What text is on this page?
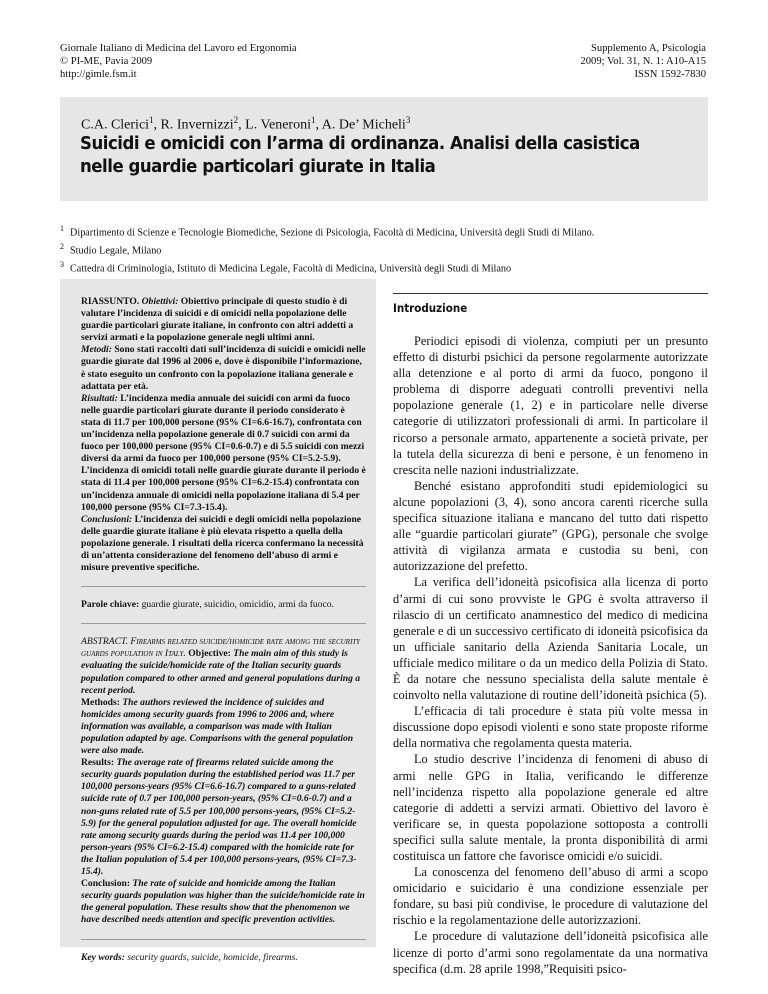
Giornale Italiano di Medicina del Lavoro ed Ergonomia
© PI-ME, Pavia 2009
http://gimle.fsm.it
Supplemento A, Psicologia
2009; Vol. 31, N. 1: A10-A15
ISSN 1592-7830
C.A. Clerici$^1$, R. Invernizzi$^2$, L. Veneroni$^1$, A. De’ Micheli$^3$
Suicidi e omicidi con l’arma di ordinanza. Analisi della casistica
nelle guardie particolari giurate in Italia
$^1$ Dipartimento di Scienze e Tecnologie Biomediche, Sezione di Psicologia, Facoltà di Medicina, Università degli Studi di Milano.
$^2$ Studio Legale, Milano
$^3$ Cattedra di Criminologia, Istituto di Medicina Legale, Facoltà di Medicina, Università degli Studi di Milano

RIASSUNTO. Obiettivi: Obiettivo principale di questo studio è di valutare l’incidenza di suicidi e di omicidi nella popolazione delle guardie particolari giurate italiane, in confronto con altri addetti a servizi armati e la popolazione generale negli ultimi anni.
Metodi: Sono stati raccolti dati sull’incidenza di suicidi e omicidi nelle guardie giurate dal 1996 al 2006 e, dove è disponibile l’informazione, è stato eseguito un confronto con la popolazione italiana generale e adattata per età.
Risultati: L’incidenza media annuale dei suicidi con armi da fuoco nelle guardie particolari giurate durante il periodo considerato è stata di 11.7 per 100,000 persone (95% CI=6.6-16.7), confrontata con un’incidenza nella popolazione generale di 0.7 suicidi con armi da fuoco per 100,000 persone (95% CI=0.6-0.7) e di 5.5 suicidi con mezzi diversi da armi da fuoco per 100,000 persone (95% CI=5.2-5.9). L’incidenza di omicidi totali nelle guardie giurate durante il periodo è stata di 11.4 per 100,000 persone (95% CI=6.2-15.4) confrontata con un’incidenza annuale di omicidi nella popolazione italiana di 5.4 per 100,000 persone (95% CI=7.3-15.4).
Conclusioni: L’incidenza dei suicidi e degli omicidi nella popolazione delle guardie giurate italiane è più elevata rispetto a quella della popolazione generale. I risultati della ricerca confermano la necessità di un’attenta considerazione del fenomeno dell’abuso di armi e misure preventive specifiche.

Parole chiave: guardie giurate, suicidio, omicidio, armi da fuoco.

ABSTRACT. Firearms related suicide/homicide rate among the security guards population in Italy. Objective: The main aim of this study is evaluating the suicide/homicide rate of the Italian security guards population compared to other armed and general populations during a recent period.
Methods: The authors reviewed the incidence of suicides and homicides among security guards from 1996 to 2006 and, where information was available, a comparison was made with Italian population adapted by age. Comparisons with the general population were also made.
Results: The average rate of firearms related suicide among the security guards population during the established period was 11.7 per 100,000 persons-years (95% CI=6.6-16.7) compared to a guns-related suicide rate of 0.7 per 100,000 person-years, (95% CI=0.6-0.7) and a non-guns related rate of 5.5 per 100,000 persons-years, (95% CI=5.2-5.9) for the general population adjusted for age. The overall homicide rate among security guards during the period was 11.4 per 100,000 person-years (95% CI=6.2-15.4) compared with the homicide rate for the Italian population of 5.4 per 100,000 persons-years, (95% CI=7.3-15.4).
Conclusion: The rate of suicide and homicide among the Italian security guards population was higher than the suicide/homicide rate in the general population. These results show that the phenomenon we have described needs attention and specific prevention activities.

Key words: security guards, suicide, homicide, firearms.

Introduzione

Periodici episodi di violenza, compiuti per un presunto effetto di disturbi psichici da persone regolarmente autorizzate alla detenzione e al porto di armi da fuoco, pongono il problema di disporre adeguati controlli preventivi nella popolazione generale (1, 2) e in particolare nelle diverse categorie di utilizzatori professionali di armi. In particolare il ricorso a personale armato, appartenente a società private, per la tutela della sicurezza di beni e persone, è un fenomeno in crescita nelle nazioni industrializzate.

Benché esistano approfonditi studi epidemiologici su alcune popolazioni (3, 4), sono ancora carenti ricerche sulla specifica situazione italiana e mancano del tutto dati rispetto alle “guardie particolari giurate” (GPG), personale che svolge attività di vigilanza armata e custodia su beni, con autorizzazione del prefetto.

La verifica dell’idoneità psicofisica alla licenza di porto d’armi di cui sono provviste le GPG è svolta attraverso il rilascio di un certificato anamnestico del medico di medicina generale e di un successivo certificato di idoneità psicofisica da un ufficiale sanitario della Azienda Sanitaria Locale, un ufficiale medico militare o da un medico della Polizia di Stato. È da notare che nessuno specialista della salute mentale è coinvolto nella valutazione di routine dell’idoneità psichica (5).

L’efficacia di tali procedure è stata più volte messa in discussione dopo episodi violenti e sono state proposte riforme della normativa che regolamenta questa materia.

Lo studio descrive l’incidenza di fenomeni di abuso di armi nelle GPG in Italia, verificando le differenze nell’incidenza rispetto alla popolazione generale ed altre categorie di addetti a servizi armati. Obiettivo del lavoro è verificare se, in questa popolazione sottoposta a controlli specifici sulla salute mentale, la pronta disponibilità di armi costituisca un fattore che favorisce omicidi e/o suicidi.

La conoscenza del fenomeno dell’abuso di armi a scopo omicidario e suicidario è una condizione essenziale per fondare, su basi più condivise, le procedure di valutazione del rischio e la regolamentazione delle autorizzazioni.

Le procedure di valutazione dell’idoneità psicofisica alle licenze di porto d’armi sono regolamentate da una normativa specifica (d.m. 28 aprile 1998,”Requisiti psico-
